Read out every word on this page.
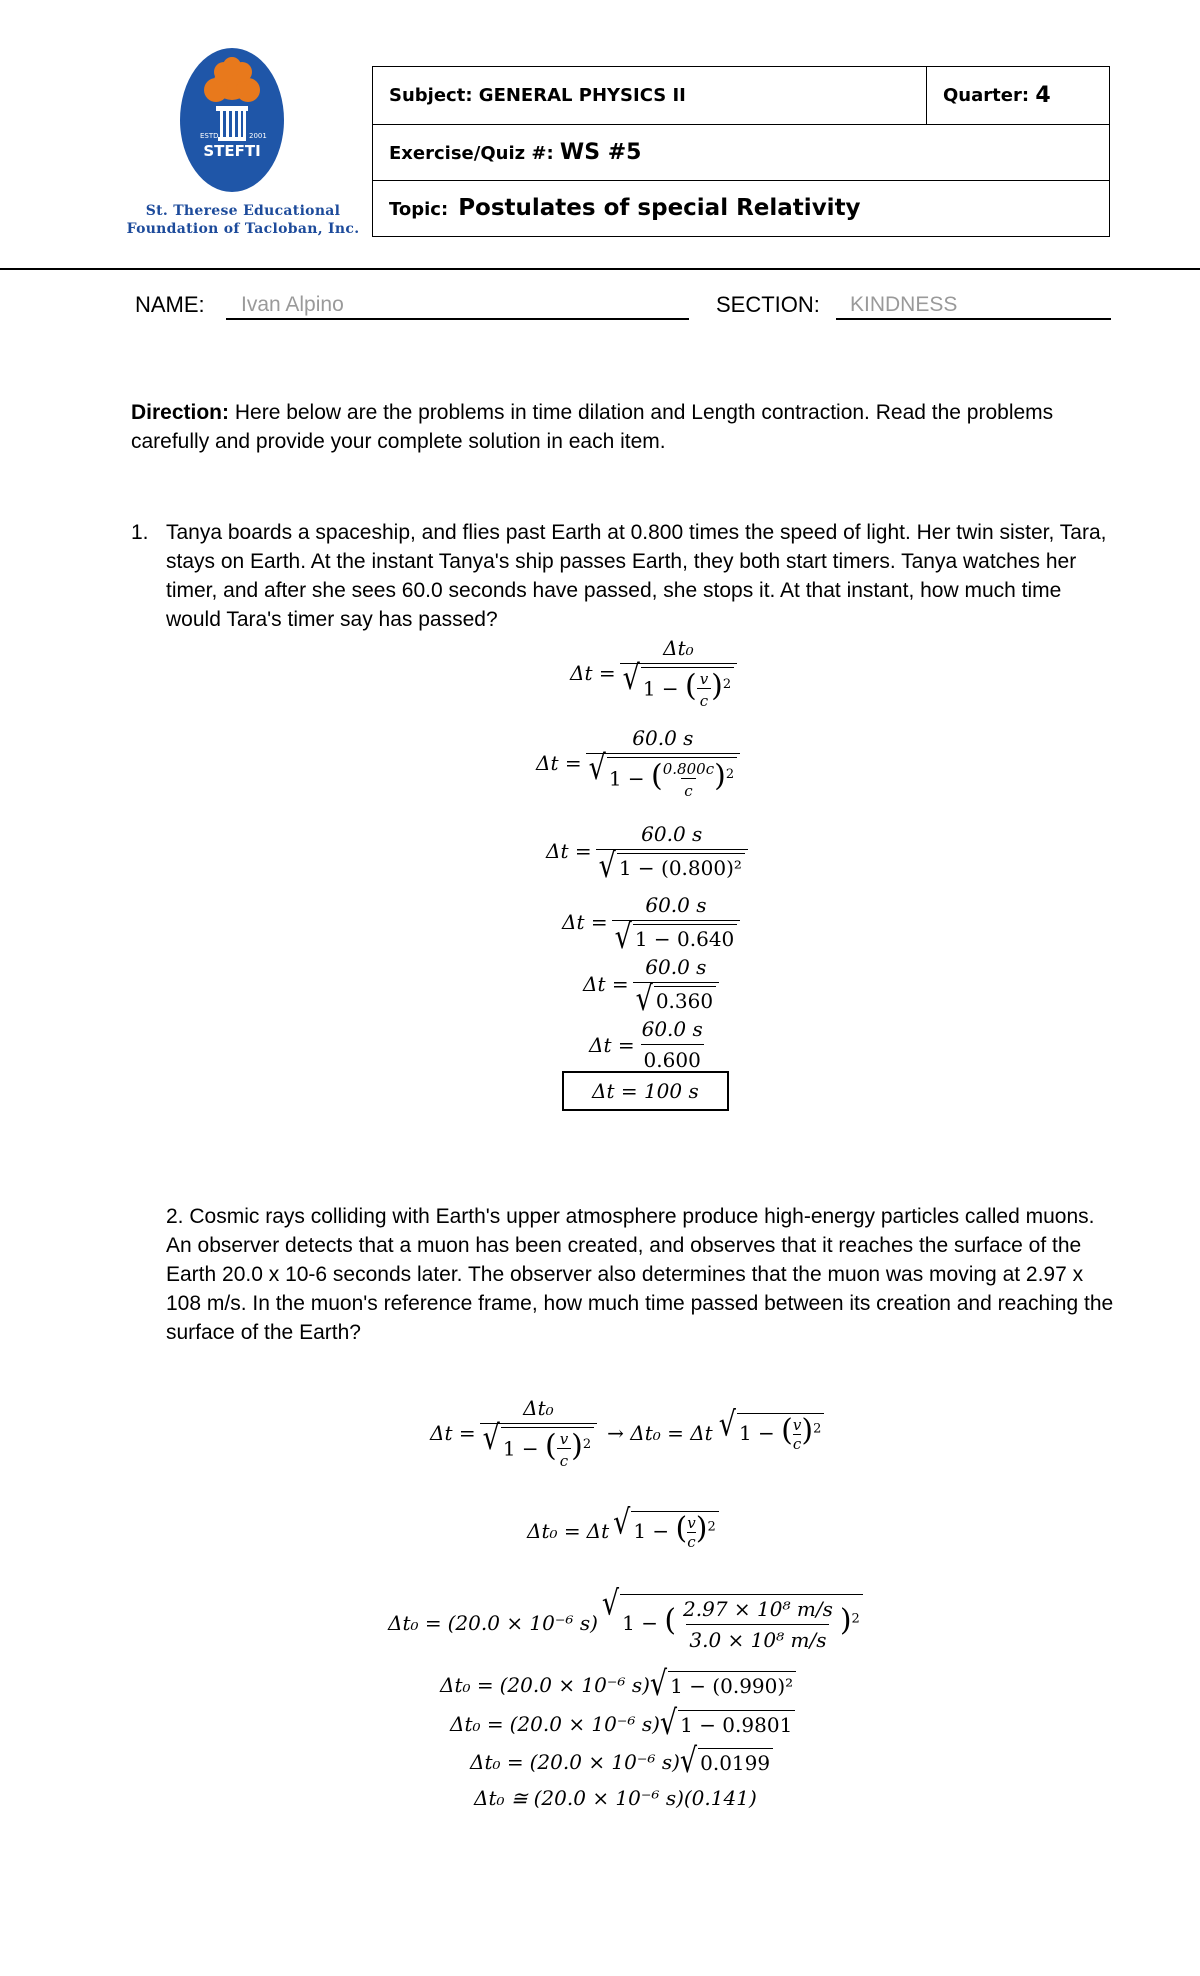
ESTD	2001
STEFTI
St. Therese Educational
Foundation of Tacloban, Inc.
Subject:
GENERAL PHYSICS II	Quarter:
4
Exercise/Quiz #: WS #5
Topic: Postulates of special Relativity
NAME: Ivan Alpino	SECTION: KINDNESS
Direction: Here below are the problems in time dilation and Length contraction. Read the problems carefully and provide your complete solution in each item.
1. Tanya boards a spaceship, and flies past Earth at 0.800 times the speed of light. Her twin sister, Tara, stays on Earth. At the instant Tanya's ship passes Earth, they both start timers. Tanya watches her timer, and after she sees 60.0 seconds have passed, she stops it. At that instant, how much time would Tara's timer say has passed?
$\Delta t = \frac{\text{Δt₀}}{√ 1 - ( \frac{v}{c} )^2}$
$\Delta t = \frac{60.0 s}{√ 1 - ( \frac{0.800c}{c} )^2}$
$\Delta t = \frac{60.0 s}{\text{√ 1 − (0.800)²}}$
$\Delta t = \frac{60.0 s}{√ 1 - 0.640}$
$\Delta t = \frac{60.0 s}{√ 0.360}$
$\Delta t = \frac{60.0 s}{0.600}$
Δt = 100 s
2. Cosmic rays colliding with Earth's upper atmosphere produce high-energy particles called muons. An observer detects that a muon has been created, and observes that it reaches the surface of the Earth 20.0 x 10-6 seconds later. The observer also determines that the muon was moving at 2.97 x 108 m/s. In the muon's reference frame, how much time passed between its creation and reaching the surface of the Earth?
$\Delta t = \frac{\text{Δt₀}}{√ 1 - ( \frac{v}{c} )^2} \to \Delta t_0 = \Delta t$ √ 1 − ( $\frac{v}{c} )^2$
Δt₀ = Δt √ 1 − ( $\frac{v}{c} )^2$
Δt₀ = (20.0 × 10⁻⁶ s) √ 1 − ( $\frac{\text{2.97 × 10⁸ m/s}}{\text{3.0 × 10⁸ m/s}} )^2$
Δt₀ = (20.0 × 10⁻⁶ s) √ 1 − (0.990)²
Δt₀ = (20.0 × 10⁻⁶ s) √ 1 − 0.9801
Δt₀ = (20.0 × 10⁻⁶ s) √ 0.0199
Δt₀ ≅ (20.0 × 10⁻⁶ s)(0.141)
